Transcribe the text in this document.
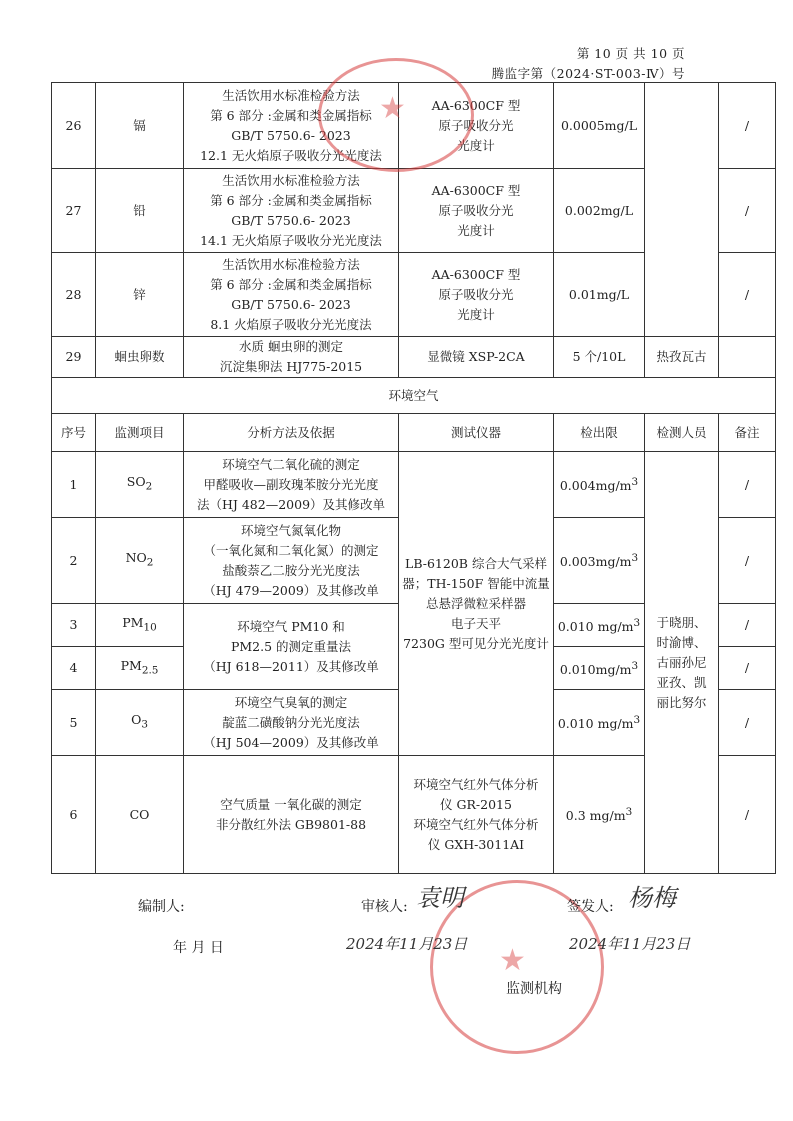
第 10 页 共 10 页
腾监字第（2024·ST-003-Ⅳ）号
26	镉	生活饮用水标准检验方法
第 6 部分 :金属和类金属指标
GB/T 5750.6- 2023
12.1 无火焰原子吸收分光光度法	AA-6300CF 型
原子吸收分光
光度计	0.0005mg/L		/
27	铅	生活饮用水标准检验方法
第 6 部分 :金属和类金属指标
GB/T 5750.6- 2023
14.1 无火焰原子吸收分光光度法	AA-6300CF 型
原子吸收分光
光度计	0.002mg/L		/
28	锌	生活饮用水标准检验方法
第 6 部分 :金属和类金属指标
GB/T 5750.6- 2023
8.1 火焰原子吸收分光光度法	AA-6300CF 型
原子吸收分光
光度计	0.01mg/L		/
29	蛔虫卵数	水质 蛔虫卵的测定
沉淀集卵法 HJ775-2015	显微镜 XSP-2CA	5 个/10L	热孜瓦古	
环境空气						
序号	监测项目	分析方法及依据	测试仪器	检出限	检测人员	备注
1	$SO_2$	环境空气二氧化硫的测定
甲醛吸收—副玫瑰苯胺分光光度
法（HJ 482—2009）及其修改单	LB-6120B 综合大气采样
器；TH-150F 智能中流量
总悬浮微粒采样器
电子天平
7230G 型可见分光光度计	$0.004mg/m^3$	于晓朋、
时渝博、
古丽孙尼
亚孜、凯
丽比努尔	/
2	$NO_2$	环境空气氮氧化物
（一氧化氮和二氧化氮）的测定
盐酸萘乙二胺分光光度法
（HJ 479—2009）及其修改单		$0.003mg/m^3$		/
3	$PM_{10}$	环境空气 PM10 和
PM2.5 的测定重量法
（HJ 618—2011）及其修改单		0.010 $mg/m^3$		/
4	$PM_{2.5}$			$0.010mg/m^3$		/
5	$O_3$	环境空气臭氧的测定
靛蓝二磺酸钠分光光度法
（HJ 504—2009）及其修改单		0.010 $mg/m^3$		/
6	CO	空气质量 一氧化碳的测定
非分散红外法 GB9801-88	环境空气红外气体分析
仪 GR-2015
环境空气红外气体分析
仪 GXH-3011AI	0.3 $mg/m^3$		/
★
★
编制人:	审核人: 袁明	签发人: 杨梅
年 月 日	2024年11月23日	2024年11月23日
监测机构
